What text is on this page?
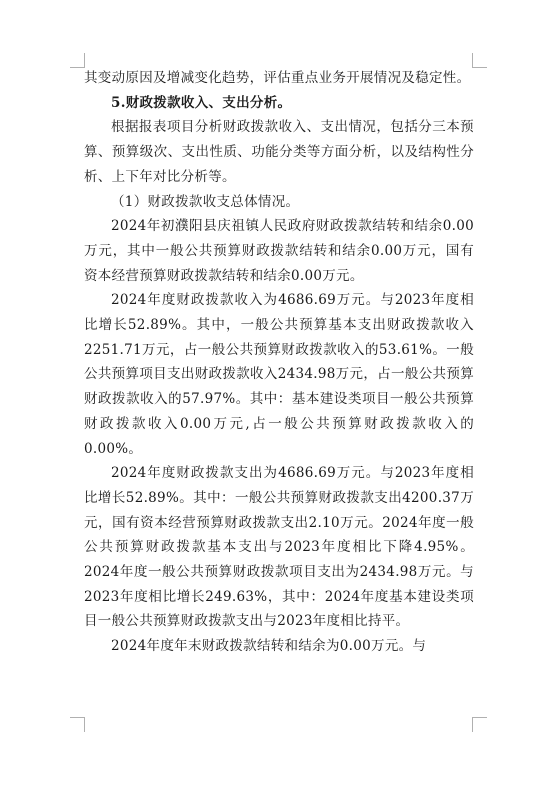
其变动原因及增减变化趋势，评估重点业务开展情况及稳定性。

5.财政拨款收入、支出分析。

根据报表项目分析财政拨款收入、支出情况，包括分三本预算、预算级次、支出性质、功能分类等方面分析，以及结构性分析、上下年对比分析等。

（1）财政拨款收支总体情况。

2024年初濮阳县庆祖镇人民政府财政拨款结转和结余0.00万元，其中一般公共预算财政拨款结转和结余0.00万元，国有资本经营预算财政拨款结转和结余0.00万元。

2024年度财政拨款收入为4686.69万元。与2023年度相比增长52.89%。其中，一般公共预算基本支出财政拨款收入2251.71万元，占一般公共预算财政拨款收入的53.61%。一般公共预算项目支出财政拨款收入2434.98万元，占一般公共预算财政拨款收入的57.97%。其中：基本建设类项目一般公共预算财政拨款收入0.00万元,占一般公共预算财政拨款收入的0.00%。

2024年度财政拨款支出为4686.69万元。与2023年度相比增长52.89%。其中：一般公共预算财政拨款支出4200.37万元，国有资本经营预算财政拨款支出2.10万元。2024年度一般公共预算财政拨款基本支出与2023年度相比下降4.95%。2024年度一般公共预算财政拨款项目支出为2434.98万元。与2023年度相比增长249.63%，其中：2024年度基本建设类项目一般公共预算财政拨款支出与2023年度相比持平。

2024年度年末财政拨款结转和结余为0.00万元。与
